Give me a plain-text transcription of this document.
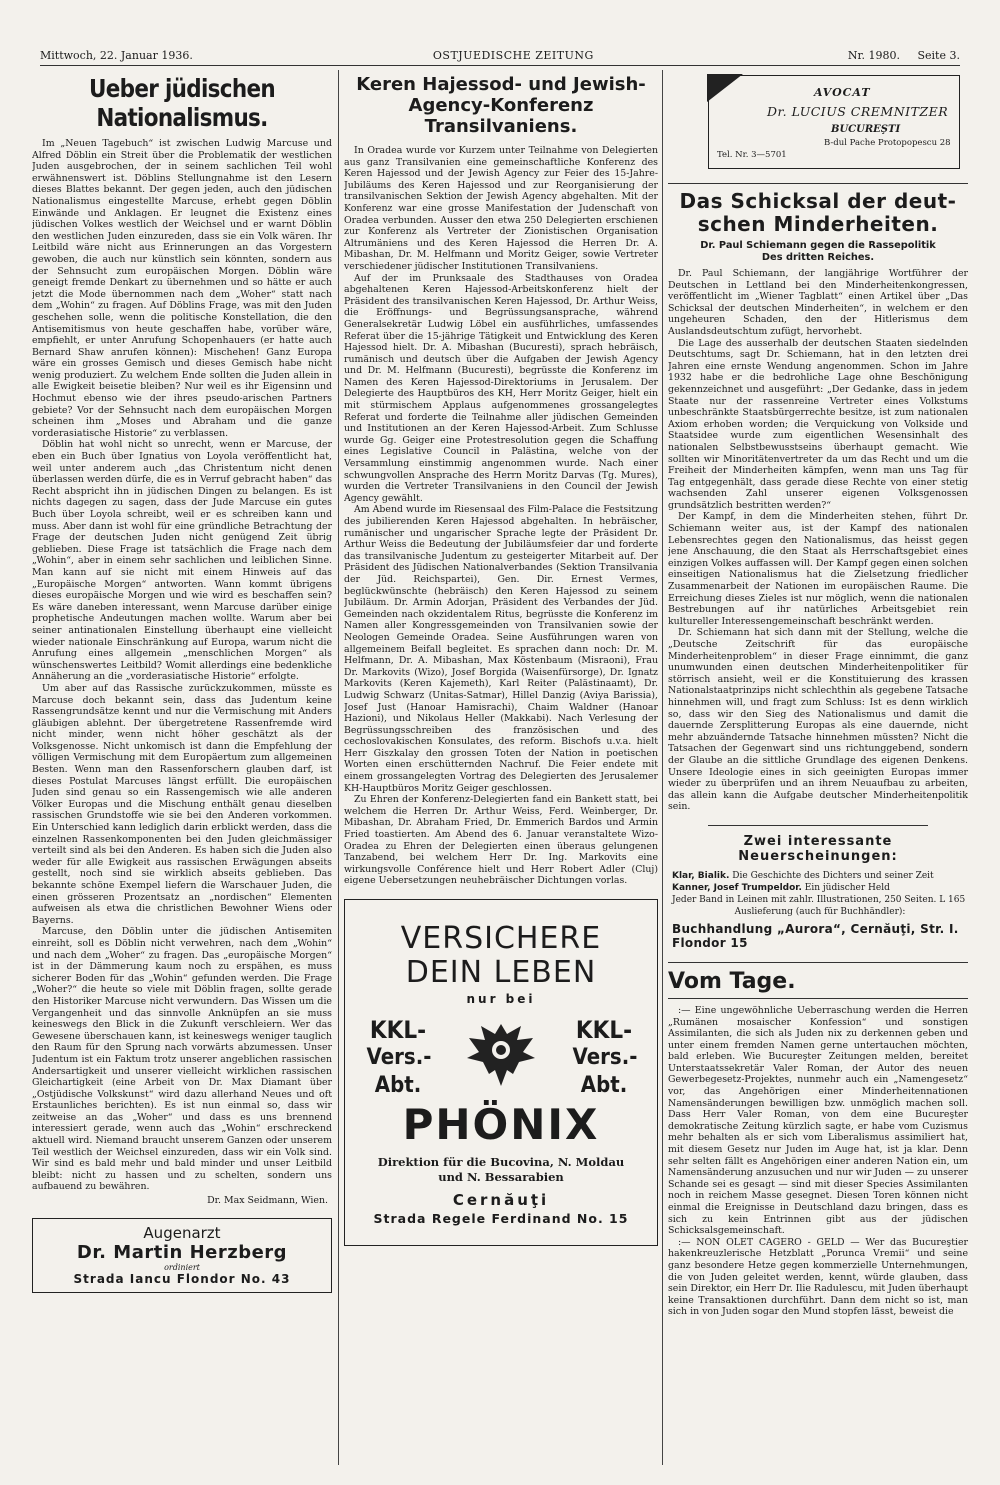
Mittwoch, 22. Januar 1936.	OSTJUEDISCHE ZEITUNG	Nr. 1980. Seite 3.
Ueber jüdischen Nationalismus.

Im „Neuen Tagebuch“ ist zwischen Ludwig Marcuse und Alfred Döblin ein Streit über die Problematik der westlichen Juden ausgebrochen, der in seinem sachlichen Teil wohl erwähnenswert ist. Döblins Stellungnahme ist den Lesern dieses Blattes bekannt. Der gegen jeden, auch den jüdischen Nationalismus eingestellte Marcuse, erhebt gegen Döblin Einwände und Anklagen. Er leugnet die Existenz eines jüdischen Volkes westlich der Weichsel und er warnt Döblin den westlichen Juden einzureden, dass sie ein Volk wären. Ihr Leitbild wäre nicht aus Erinnerungen an das Vorgestern gewoben, die auch nur künstlich sein könnten, sondern aus der Sehnsucht zum europäischen Morgen. Döblin wäre geneigt fremde Denkart zu übernehmen und so hätte er auch jetzt die Mode übernommen nach dem „Woher“ statt nach dem „Wohin“ zu fragen. Auf Döblins Frage, was mit den Juden geschehen solle, wenn die politische Konstellation, die den Antisemitismus von heute geschaffen habe, vorüber wäre, empfiehlt, er unter Anrufung Schopenhauers (er hatte auch Bernard Shaw anrufen können): Mischehen! Ganz Europa wäre ein grosses Gemisch und dieses Gemisch habe nicht wenig produziert. Zu welchem Ende sollten die Juden allein in alle Ewigkeit beisetie bleiben? Nur weil es ihr Eigensinn und Hochmut ebenso wie der ihres pseudo-arischen Partners gebiete? Vor der Sehnsucht nach dem europäischen Morgen scheinen ihm „Moses und Abraham und die ganze vorderasiatische Historie“ zu verblassen.

Döblin hat wohl nicht so unrecht, wenn er Marcuse, der eben ein Buch über Ignatius von Loyola veröffentlicht hat, weil unter anderem auch „das Christentum nicht denen überlassen werden dürfe, die es in Verruf gebracht haben“ das Recht abspricht ihn in jüdischen Dingen zu belangen. Es ist nichts dagegen zu sagen, dass der Jude Marcuse ein gutes Buch über Loyola schreibt, weil er es schreiben kann und muss. Aber dann ist wohl für eine gründliche Betrachtung der Frage der deutschen Juden nicht genügend Zeit übrig geblieben. Diese Frage ist tatsächlich die Frage nach dem „Wohin“, aber in einem sehr sachlichen und leiblichen Sinne. Man kann auf sie nicht mit einem Hinweis auf das „Europäische Morgen“ antworten. Wann kommt übrigens dieses europäische Morgen und wie wird es beschaffen sein? Es wäre daneben interessant, wenn Marcuse darüber einige prophetische Andeutungen machen wollte. Warum aber bei seiner antinationalen Einstellung überhaupt eine vielleicht wieder nationale Einschränkung auf Europa, warum nicht die Anrufung eines allgemein „menschlichen Morgen“ als wünschenswertes Leitbild? Womit allerdings eine bedenkliche Annäherung an die „vorderasiatische Historie“ erfolgte.

Um aber auf das Rassische zurückzukommen, müsste es Marcuse doch bekannt sein, dass das Judentum keine Rassengrundsätze kennt und nur die Vermischung mit Anders gläubigen ablehnt. Der übergetretene Rassenfremde wird nicht minder, wenn nicht höher geschätzt als der Volksgenosse. Nicht unkomisch ist dann die Empfehlung der völligen Vermischung mit dem Europäertum zum allgemeinen Besten. Wenn man den Rassenforschern glauben darf, ist dieses Postulat Marcuses längst erfüllt. Die europäischen Juden sind genau so ein Rassengemisch wie alle anderen Völker Europas und die Mischung enthält genau dieselben rassischen Grundstoffe wie sie bei den Anderen vorkommen. Ein Unterschied kann lediglich darin erblickt werden, dass die einzelnen Rassenkomponenten bei den Juden gleichmässiger verteilt sind als bei den Anderen. Es haben sich die Juden also weder für alle Ewigkeit aus rassischen Erwägungen abseits gestellt, noch sind sie wirklich abseits geblieben. Das bekannte schöne Exempel liefern die Warschauer Juden, die einen grösseren Prozentsatz an „nordischen“ Elementen aufweisen als etwa die christlichen Bewohner Wiens oder Bayerns.

Marcuse, den Döblin unter die jüdischen Antisemiten einreiht, soll es Döblin nicht verwehren, nach dem „Wohin“ und nach dem „Woher“ zu fragen. Das „europäische Morgen“ ist in der Dämmerung kaum noch zu erspähen, es muss sicherer Boden für das „Wohin“ gefunden werden. Die Frage „Woher?“ die heute so viele mit Döblin fragen, sollte gerade den Historiker Marcuse nicht verwundern. Das Wissen um die Vergangenheit und das sinnvolle Anknüpfen an sie muss keineswegs den Blick in die Zukunft verschleiern. Wer das Gewesene überschauen kann, ist keineswegs weniger tauglich den Raum für den Sprung nach vorwärts abzumessen. Unser Judentum ist ein Faktum trotz unserer angeblichen rassischen Andersartigkeit und unserer vielleicht wirklichen rassischen Gleichartigkeit (eine Arbeit von Dr. Max Diamant über „Ostjüdische Volkskunst“ wird dazu allerhand Neues und oft Erstaunliches berichten). Es ist nun einmal so, dass wir zeitweise an das „Woher“ und dass es uns brennend interessiert gerade, wenn auch das „Wohin“ erschreckend aktuell wird. Niemand braucht unserem Ganzen oder unserem Teil westlich der Weichsel einzureden, dass wir ein Volk sind. Wir sind es bald mehr und bald minder und unser Leitbild bleibt: nicht zu hassen und zu schelten, sondern uns aufbauend zu bewähren.

Dr. Max Seidmann, Wien.
Augenarzt
Dr. Martin Herzberg
ordiniert
Strada Iancu Flondor No. 43
Keren Hajessod- und Jewish-
Agency-Konferenz
Transilvaniens.

In Oradea wurde vor Kurzem unter Teilnahme von Delegierten aus ganz Transilvanien eine gemeinschaftliche Konferenz des Keren Hajessod und der Jewish Agency zur Feier des 15-Jahre-Jubiläums des Keren Hajessod und zur Reorganisierung der transilvanischen Sektion der Jewish Agency abgehalten. Mit der Konferenz war eine grosse Manifestation der Judenschaft von Oradea verbunden. Ausser den etwa 250 Delegierten erschienen zur Konferenz als Vertreter der Zionistischen Organisation Altrumäniens und des Keren Hajessod die Herren Dr. A. Mibashan, Dr. M. Helfmann und Moritz Geiger, sowie Vertreter verschiedener jüdischer Institutionen Transilvaniens.

Auf der im Prunksaale des Stadthauses von Oradea abgehaltenen Keren Hajessod-Arbeitskonferenz hielt der Präsident des transilvanischen Keren Hajessod, Dr. Arthur Weiss, die Eröffnungs- und Begrüssungsansprache, während Generalsekretär Ludwig Löbel ein ausführliches, umfassendes Referat über die 15-jährige Tätigkeit und Entwicklung des Keren Hajessod hielt. Dr. A. Mibashan (Bucuresti), sprach hebräisch, rumänisch und deutsch über die Aufgaben der Jewish Agency und Dr. M. Helfmann (Bucuresti), begrüsste die Konferenz im Namen des Keren Hajessod-Direktoriums in Jerusalem. Der Delegierte des Hauptbüros des KH, Herr Moritz Geiger, hielt ein mit stürmischem Applaus aufgenommenes grossangelegtes Referat und forderte die Teilnahme aller jüdischen Gemeinden und Institutionen an der Keren Hajessod-Arbeit. Zum Schlusse wurde Gg. Geiger eine Protestresolution gegen die Schaffung eines Legislative Council in Palästina, welche von der Versammlung einstimmig angenommen wurde. Nach einer schwungvollen Ansprache des Herrn Moritz Darvas (Tg. Mures), wurden die Vertreter Transilvaniens in den Council der Jewish Agency gewählt.

Am Abend wurde im Riesensaal des Film-Palace die Festsitzung des jubilierenden Keren Hajessod abgehalten. In hebräischer, rumänischer und ungarischer Sprache legte der Präsident Dr. Arthur Weiss die Bedeutung der Jubiläumsfeier dar und forderte das transilvanische Judentum zu gesteigerter Mitarbeit auf. Der Präsident des Jüdischen Nationalverbandes (Sektion Transilvania der Jüd. Reichspartei), Gen. Dir. Ernest Vermes, beglückwünschte (hebräisch) den Keren Hajessod zu seinem Jubiläum. Dr. Armin Adorjan, Präsident des Verbandes der Jüd. Gemeinden nach okzidentalem Ritus, begrüsste die Konferenz im Namen aller Kongressgemeinden von Transilvanien sowie der Neologen Gemeinde Oradea. Seine Ausführungen waren von allgemeinem Beifall begleitet. Es sprachen dann noch: Dr. M. Helfmann, Dr. A. Mibashan, Max Köstenbaum (Misraoni), Frau Dr. Markovits (Wizo), Josef Borgida (Waisenfürsorge), Dr. Ignatz Markovits (Keren Kajemeth), Karl Reiter (Palästinaamt), Dr. Ludwig Schwarz (Unitas-Satmar), Hillel Danzig (Aviya Barissia), Josef Just (Hanoar Hamisrachi), Chaim Waldner (Hanoar Hazioni), und Nikolaus Heller (Makkabi). Nach Verlesung der Begrüssungsschreiben des französischen und des cechoslovakischen Konsulates, des reform. Bischofs u.v.a. hielt Herr Giszkalay den grossen Toten der Nation in poetischen Worten einen erschütternden Nachruf. Die Feier endete mit einem grossangelegten Vortrag des Delegierten des Jerusalemer KH-Hauptbüros Moritz Geiger geschlossen.

Zu Ehren der Konferenz-Delegierten fand ein Bankett statt, bei welchem die Herren Dr. Arthur Weiss, Ferd. Weinberger, Dr. Mibashan, Dr. Abraham Fried, Dr. Emmerich Bardos und Armin Fried toastierten. Am Abend des 6. Januar veranstaltete Wizo-Oradea zu Ehren der Delegierten einen überaus gelungenen Tanzabend, bei welchem Herr Dr. Ing. Markovits eine wirkungsvolle Conférence hielt und Herr Robert Adler (Cluj) eigene Uebersetzungen neuhebräischer Dichtungen vorlas.

VERSICHERE
DEIN LEBEN
nur bei
KKL-
Vers.-Abt.
KKL-
Vers.-Abt.
PHÖNIX
Direktion für die Bucovina, N. Moldau
und N. Bessarabien
Cernăuţi
Strada Regele Ferdinand No. 15
AVOCAT
Dr. LUCIUS CREMNITZER
BUCUREŞTI
B-dul Pache Protopopescu 28
Tel. Nr. 3—5701
Das Schicksal der deut-
schen Minderheiten.
Dr. Paul Schiemann gegen die Rassepolitik
Des dritten Reiches.

Dr. Paul Schiemann, der langjährige Wortführer der Deutschen in Lettland bei den Minderheitenkongressen, veröffentlicht im „Wiener Tagblatt“ einen Artikel über „Das Schicksal der deutschen Minderheiten“, in welchem er den ungeheuren Schaden, den der Hitlerismus dem Auslandsdeutschtum zufügt, hervorhebt.

Die Lage des ausserhalb der deutschen Staaten siedelnden Deutschtums, sagt Dr. Schiemann, hat in den letzten drei Jahren eine ernste Wendung angenommen. Schon im Jahre 1932 habe er die bedrohliche Lage ohne Beschönigung gekennzeichnet und ausgeführt: „Der Gedanke, dass in jedem Staate nur der rassenreine Vertreter eines Volkstums unbeschränkte Staatsbürgerrechte besitze, ist zum nationalen Axiom erhoben worden; die Verquickung von Volkside und Staatsidee wurde zum eigentlichen Wesensinhalt des nationalen Selbstbewusstseins überhaupt gemacht. Wie sollten wir Minoritätenvertreter da um das Recht und um die Freiheit der Minderheiten kämpfen, wenn man uns Tag für Tag entgegenhält, dass gerade diese Rechte von einer stetig wachsenden Zahl unserer eigenen Volksgenossen grundsätzlich bestritten werden?“

Der Kampf, in dem die Minderheiten stehen, führt Dr. Schiemann weiter aus, ist der Kampf des nationalen Lebensrechtes gegen den Nationalismus, das heisst gegen jene Anschauung, die den Staat als Herrschaftsgebiet eines einzigen Volkes auffassen will. Der Kampf gegen einen solchen einseitigen Nationalismus hat die Zielsetzung friedlicher Zusammenarbeit der Nationen im europäischen Raume. Die Erreichung dieses Zieles ist nur möglich, wenn die nationalen Bestrebungen auf ihr natürliches Arbeitsgebiet rein kultureller Interessengemeinschaft beschränkt werden.

Dr. Schiemann hat sich dann mit der Stellung, welche die „Deutsche Zeitschrift für das europäische Minderheitenproblem“ in dieser Frage einnimmt, die ganz unumwunden einen deutschen Minderheitenpolitiker für störrisch ansieht, weil er die Konstituierung des krassen Nationalstaatprinzips nicht schlechthin als gegebene Tatsache hinnehmen will, und fragt zum Schluss: Ist es denn wirklich so, dass wir den Sieg des Nationalismus und damit die dauernde Zersplitterung Europas als eine dauernde, nicht mehr abzuändernde Tatsache hinnehmen müssten? Nicht die Tatsachen der Gegenwart sind uns richtunggebend, sondern der Glaube an die sittliche Grundlage des eigenen Denkens. Unsere Ideologie eines in sich geeinigten Europas immer wieder zu überprüfen und an ihrem Neuaufbau zu arbeiten, das allein kann die Aufgabe deutscher Minderheitenpolitik sein.

Zwei interessante Neuerscheinungen:
Klar, Bialik. Die Geschichte des Dichters und seiner Zeit
Kanner, Josef Trumpeldor. Ein jüdischer Held
Jeder Band in Leinen mit zahlr. Illustrationen, 250 Seiten. L 165
Auslieferung (auch für Buchhändler):
Buchhandlung „Aurora“, Cernăuţi, Str. I. Flondor 15
Vom Tage.

:— Eine ungewöhnliche Ueberraschung werden die Herren „Rumänen mosaischer Konfession“ und sonstigen Assimilanten, die sich als Juden nix zu derkennen geben und unter einem fremden Namen gerne untertauchen möchten, bald erleben. Wie Bucureşter Zeitungen melden, bereitet Unterstaatssekretär Valer Roman, der Autor des neuen Gewerbegesetz-Projektes, nunmehr auch ein „Namengesetz“ vor, das Angehörigen einer Minderheitennationen Namensänderungen bewilligen bzw. unmöglich machen soll. Dass Herr Valer Roman, von dem eine Bucureşter demokratische Zeitung kürzlich sagte, er habe vom Cuzismus mehr behalten als er sich vom Liberalismus assimiliert hat, mit diesem Gesetz nur Juden im Auge hat, ist ja klar. Denn sehr selten fällt es Angehörigen einer anderen Nation ein, um Namensänderung anzusuchen und nur wir Juden — zu unserer Schande sei es gesagt — sind mit dieser Species Assimilanten noch in reichem Masse gesegnet. Diesen Toren können nicht einmal die Ereignisse in Deutschland dazu bringen, dass es sich zu kein Entrinnen gibt aus der jüdischen Schicksalsgemeinschaft.

:— NON OLET CAGERO - GELD — Wer das Bucureştier hakenkreuzlerische Hetzblatt „Porunca Vremii“ und seine ganz besondere Hetze gegen kommerzielle Unternehmungen, die von Juden geleitet werden, kennt, würde glauben, dass sein Direktor, ein Herr Dr. Ilie Radulescu, mit Juden überhaupt keine Transaktionen durchführt. Dann dem nicht so ist, man sich in von Juden sogar den Mund stopfen lässt, beweist die
